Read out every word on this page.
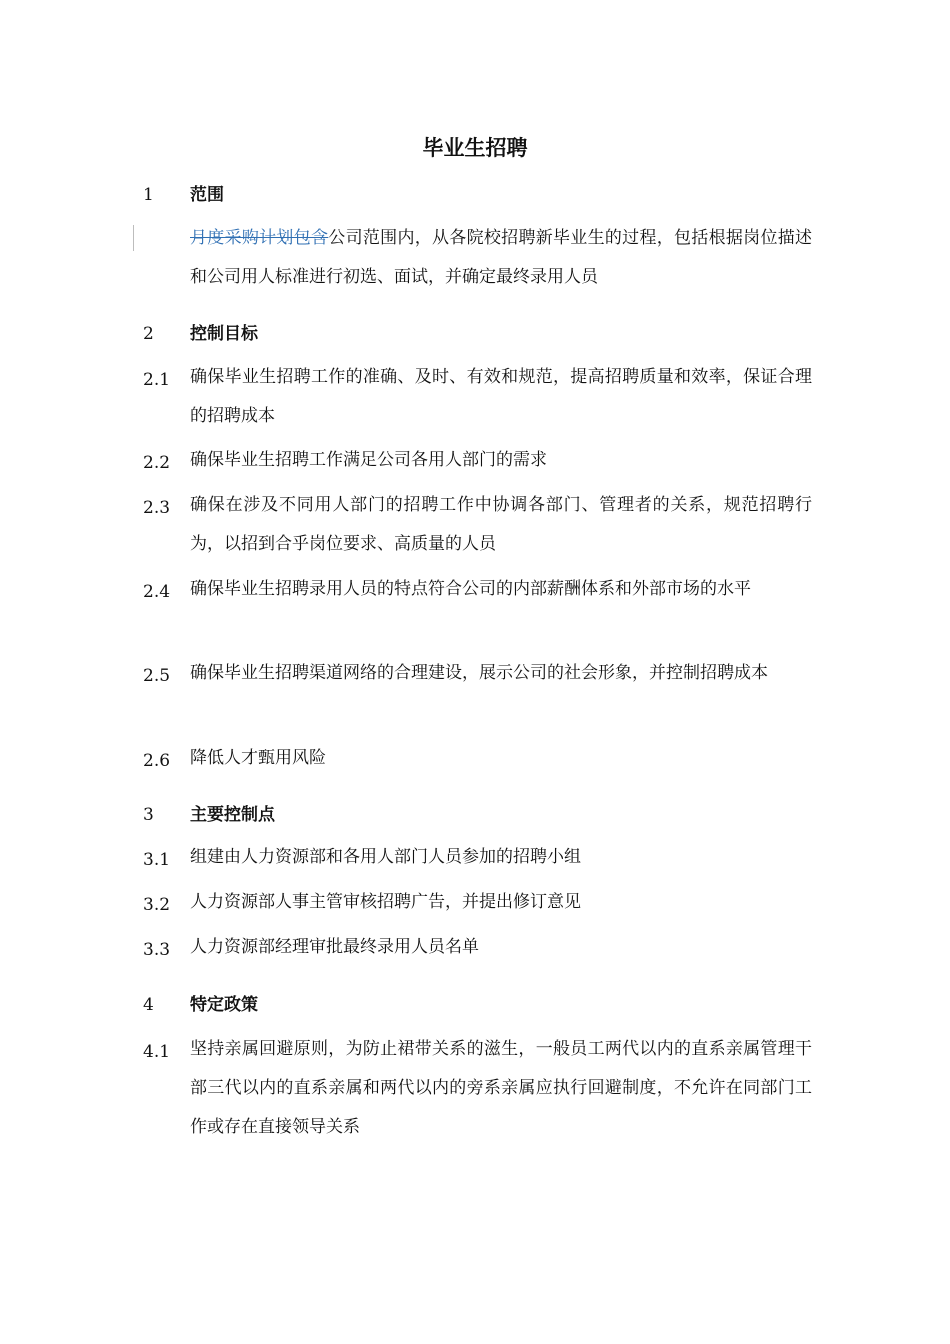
毕业生招聘
1 范围
月度采购计划包含公司范围内，从各院校招聘新毕业生的过程，包括根据岗位描述和公司用人标准进行初选、面试，并确定最终录用人员
2 控制目标
2.1 确保毕业生招聘工作的准确、及时、有效和规范，提高招聘质量和效率，保证合理的招聘成本
2.2 确保毕业生招聘工作满足公司各用人部门的需求
2.3 确保在涉及不同用人部门的招聘工作中协调各部门、管理者的关系，规范招聘行为，以招到合乎岗位要求、高质量的人员
2.4 确保毕业生招聘录用人员的特点符合公司的内部薪酬体系和外部市场的水平
2.5 确保毕业生招聘渠道网络的合理建设，展示公司的社会形象，并控制招聘成本
2.6 降低人才甄用风险
3 主要控制点
3.1 组建由人力资源部和各用人部门人员参加的招聘小组
3.2 人力资源部人事主管审核招聘广告，并提出修订意见
3.3 人力资源部经理审批最终录用人员名单
4 特定政策
4.1 坚持亲属回避原则，为防止裙带关系的滋生，一般员工两代以内的直系亲属管理干部三代以内的直系亲属和两代以内的旁系亲属应执行回避制度，不允许在同部门工作或存在直接领导关系
